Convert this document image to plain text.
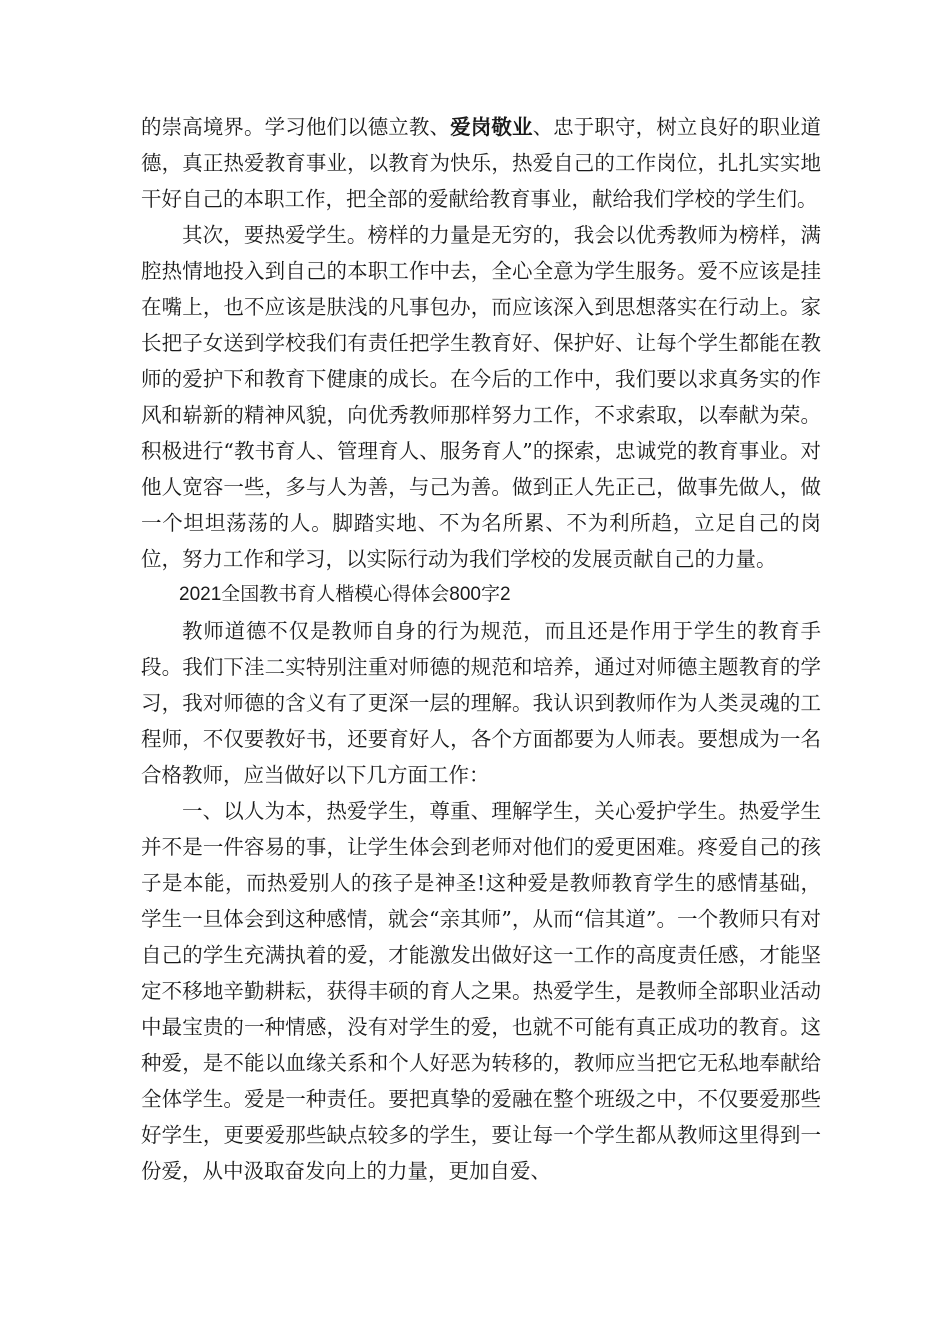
的崇高境界。学习他们以德立教、爱岗敬业、忠于职守，树立良好的职业道德，真正热爱教育事业，以教育为快乐，热爱自己的工作岗位，扎扎实实地干好自己的本职工作，把全部的爱献给教育事业，献给我们学校的学生们。

其次，要热爱学生。榜样的力量是无穷的，我会以优秀教师为榜样，满腔热情地投入到自己的本职工作中去，全心全意为学生服务。爱不应该是挂在嘴上，也不应该是肤浅的凡事包办，而应该深入到思想落实在行动上。家长把子女送到学校我们有责任把学生教育好、保护好、让每个学生都能在教师的爱护下和教育下健康的成长。在今后的工作中，我们要以求真务实的作风和崭新的精神风貌，向优秀教师那样努力工作，不求索取，以奉献为荣。积极进行“教书育人、管理育人、服务育人”的探索，忠诚党的教育事业。对他人宽容一些，多与人为善，与己为善。做到正人先正己，做事先做人，做一个坦坦荡荡的人。脚踏实地、不为名所累、不为利所趋，立足自己的岗位，努力工作和学习，以实际行动为我们学校的发展贡献自己的力量。

2021全国教书育人楷模心得体会800字2

教师道德不仅是教师自身的行为规范，而且还是作用于学生的教育手段。我们下洼二实特别注重对师德的规范和培养，通过对师德主题教育的学习，我对师德的含义有了更深一层的理解。我认识到教师作为人类灵魂的工程师，不仅要教好书，还要育好人，各个方面都要为人师表。要想成为一名合格教师，应当做好以下几方面工作：

一、以人为本，热爱学生，尊重、理解学生，关心爱护学生。热爱学生并不是一件容易的事，让学生体会到老师对他们的爱更困难。疼爱自己的孩子是本能，而热爱别人的孩子是神圣!这种爱是教师教育学生的感情基础，学生一旦体会到这种感情，就会“亲其师”，从而“信其道”。一个教师只有对自己的学生充满执着的爱，才能激发出做好这一工作的高度责任感，才能坚定不移地辛勤耕耘，获得丰硕的育人之果。热爱学生，是教师全部职业活动中最宝贵的一种情感，没有对学生的爱，也就不可能有真正成功的教育。这种爱，是不能以血缘关系和个人好恶为转移的，教师应当把它无私地奉献给全体学生。爱是一种责任。要把真挚的爱融在整个班级之中，不仅要爱那些好学生，更要爱那些缺点较多的学生，要让每一个学生都从教师这里得到一份爱，从中汲取奋发向上的力量，更加自爱、
